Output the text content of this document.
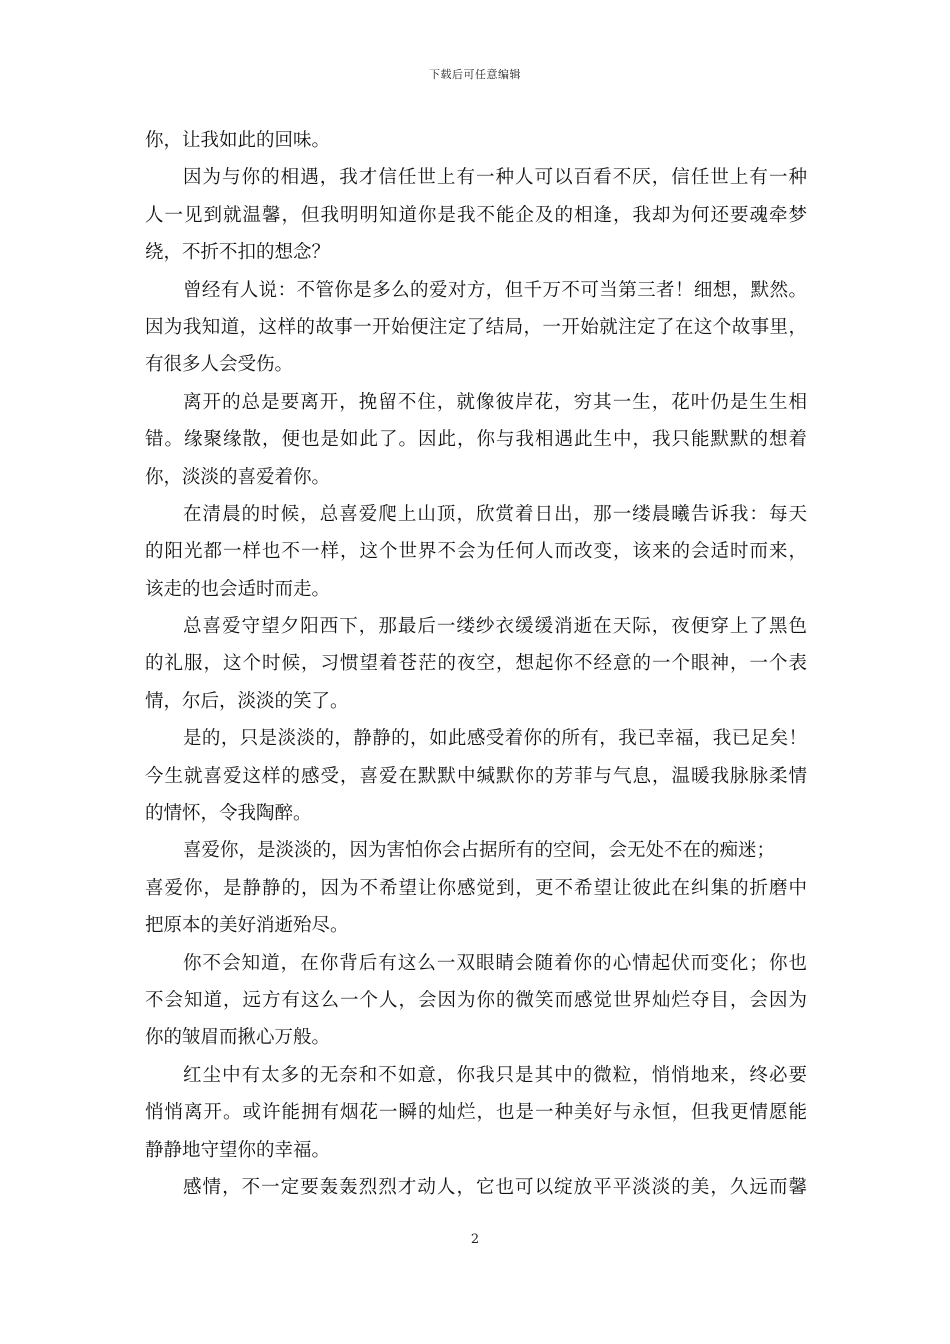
下载后可任意编辑
你，让我如此的回味。
因为与你的相遇，我才信任世上有一种人可以百看不厌，信任世上有一种
人一见到就温馨，但我明明知道你是我不能企及的相逢，我却为何还要魂牵梦
绕，不折不扣的想念？
曾经有人说：不管你是多么的爱对方，但千万不可当第三者！细想，默然。
因为我知道，这样的故事一开始便注定了结局，一开始就注定了在这个故事里，
有很多人会受伤。
离开的总是要离开，挽留不住，就像彼岸花，穷其一生，花叶仍是生生相
错。缘聚缘散，便也是如此了。因此，你与我相遇此生中，我只能默默的想着
你，淡淡的喜爱着你。
在清晨的时候，总喜爱爬上山顶，欣赏着日出，那一缕晨曦告诉我：每天
的阳光都一样也不一样，这个世界不会为任何人而改变，该来的会适时而来，
该走的也会适时而走。
总喜爱守望夕阳西下，那最后一缕纱衣缓缓消逝在天际，夜便穿上了黑色
的礼服，这个时候，习惯望着苍茫的夜空，想起你不经意的一个眼神，一个表
情，尔后，淡淡的笑了。
是的，只是淡淡的，静静的，如此感受着你的所有，我已幸福，我已足矣！
今生就喜爱这样的感受，喜爱在默默中缄默你的芳菲与气息，温暖我脉脉柔情
的情怀，令我陶醉。
喜爱你，是淡淡的，因为害怕你会占据所有的空间，会无处不在的痴迷；
喜爱你，是静静的，因为不希望让你感觉到，更不希望让彼此在纠集的折磨中
把原本的美好消逝殆尽。
你不会知道，在你背后有这么一双眼睛会随着你的心情起伏而变化；你也
不会知道，远方有这么一个人，会因为你的微笑而感觉世界灿烂夺目，会因为
你的皱眉而揪心万般。
红尘中有太多的无奈和不如意，你我只是其中的微粒，悄悄地来，终必要
悄悄离开。或许能拥有烟花一瞬的灿烂，也是一种美好与永恒，但我更情愿能
静静地守望你的幸福。
感情，不一定要轰轰烈烈才动人，它也可以绽放平平淡淡的美，久远而馨
2
